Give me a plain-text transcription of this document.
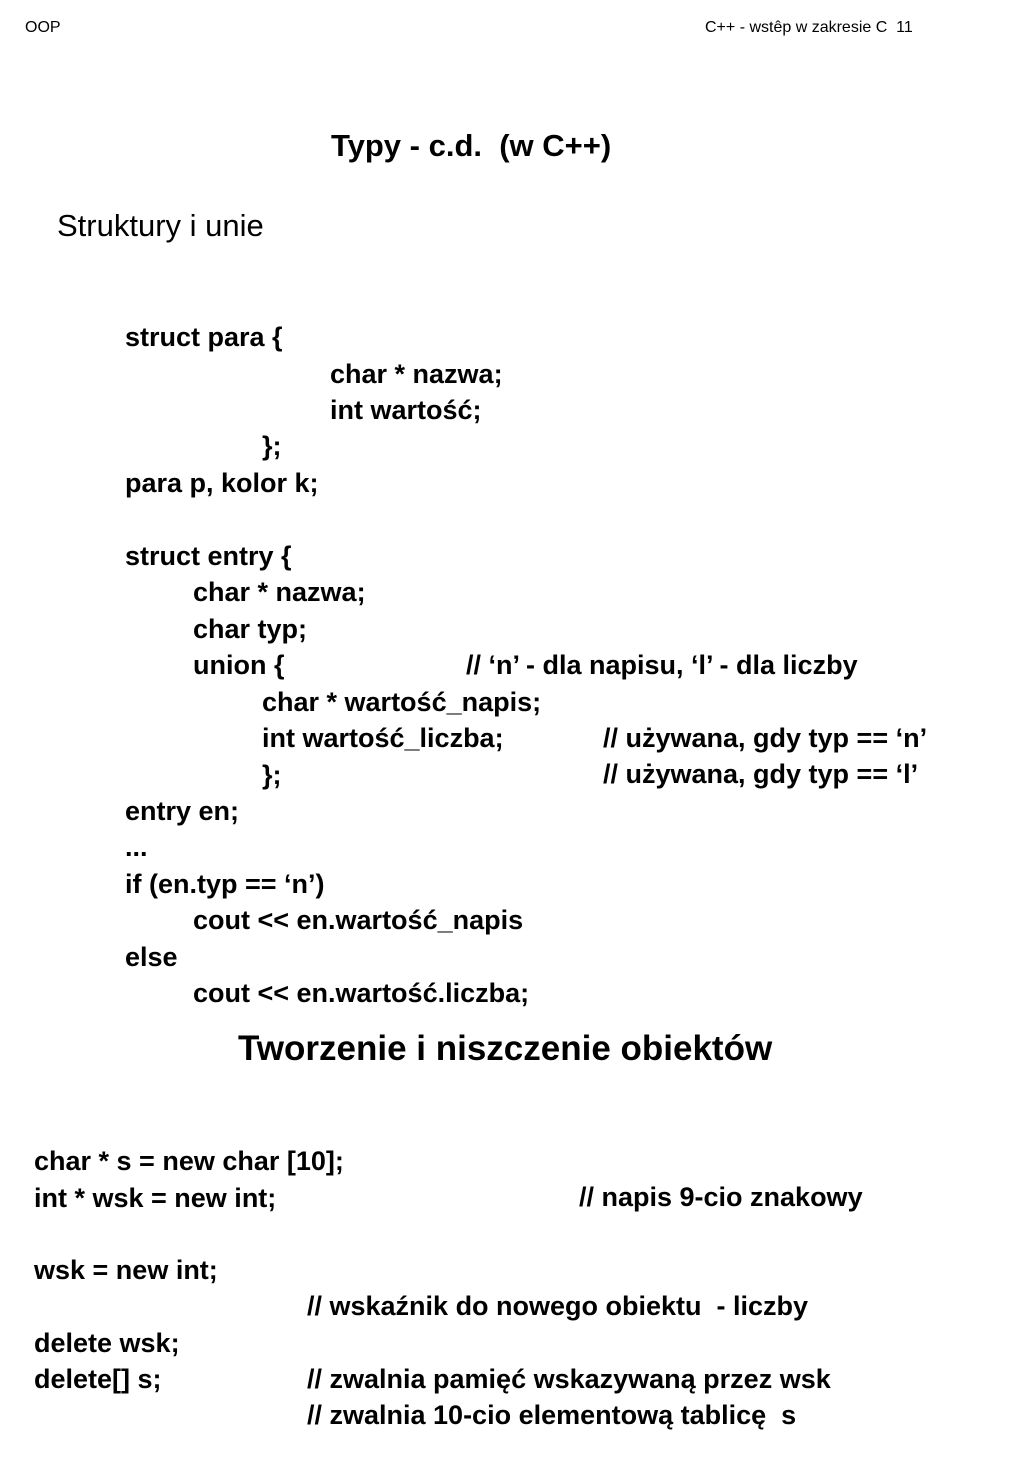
OOP	C++ - wstêp w zakresie C  11
Typy - c.d.  (w C++)
Struktury i unie

struct para {

char * nazwa;

int wartość;

};

para p, kolor k;

struct entry {

char * nazwa;

char typ;

// ‘n’ - dla napisu, ‘l’ - dla liczby

union {

char * wartość_napis;

// używana, gdy typ == ‘n’

int wartość_liczba;

// używana, gdy typ == ‘l’

};

entry en;

...

if (en.typ == ‘n’)

cout << en.wartość_napis

else

cout << en.wartość.liczba;

Tworzenie i niszczenie obiektów

char * s = new char [10];

// napis 9-cio znakowy

int * wsk = new int;

wsk = new int;

// wskaźnik do nowego obiektu  - liczby

delete wsk;

// zwalnia pamięć wskazywaną przez wsk

delete[] s;

// zwalnia 10-cio elementową tablicę  s
